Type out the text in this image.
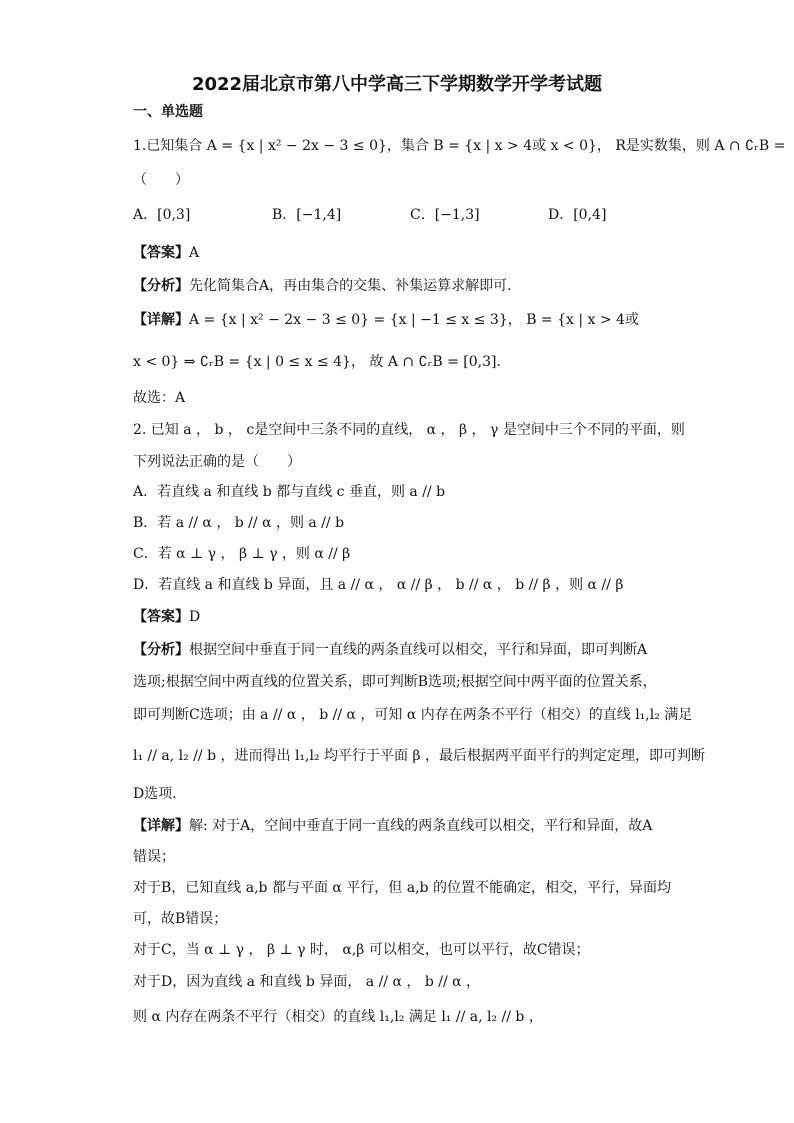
2022届北京市第八中学高三下学期数学开学考试题
一、单选题
1.已知集合 A = {x | x² − 2x − 3 ≤ 0}，集合 B = {x | x > 4或 x < 0}， R是实数集，则 A ∩ ∁ᵣB =
（　　）
A．[0,3]	B．[−1,4]	C．[−1,3]	D．[0,4]
【答案】A
【分析】先化简集合A，再由集合的交集、补集运算求解即可.
【详解】A = {x | x² − 2x − 3 ≤ 0} = {x | −1 ≤ x ≤ 3}， B = {x | x > 4或
x < 0} ⇒ ∁ᵣB = {x | 0 ≤ x ≤ 4}， 故 A ∩ ∁ᵣB = [0,3].
故选：A
2. 已知 a ， b ， c是空间中三条不同的直线， α ， β ， γ 是空间中三个不同的平面，则
下列说法正确的是（　　）
A．若直线 a 和直线 b 都与直线 c 垂直，则 a // b
B．若 a // α ， b // α ，则 a // b
C．若 α ⊥ γ ， β ⊥ γ ，则 α // β
D．若直线 a 和直线 b 异面，且 a // α ， α // β ， b // α ， b // β ，则 α // β
【答案】D
【分析】根据空间中垂直于同一直线的两条直线可以相交，平行和异面，即可判断A
选项;根据空间中两直线的位置关系，即可判断B选项;根据空间中两平面的位置关系，
即可判断C选项；由 a // α ， b // α ，可知 α 内存在两条不平行（相交）的直线 l₁,l₂ 满足
l₁ // a, l₂ // b ，进而得出 l₁,l₂ 均平行于平面 β ，最后根据两平面平行的判定定理，即可判断
D选项.
【详解】解: 对于A，空间中垂直于同一直线的两条直线可以相交，平行和异面，故A
错误；
对于B，已知直线 a,b 都与平面 α 平行，但 a,b 的位置不能确定，相交，平行，异面均
可，故B错误；
对于C，当 α ⊥ γ ， β ⊥ γ 时， α,β 可以相交，也可以平行，故C错误；
对于D，因为直线 a 和直线 b 异面， a // α ， b // α ，
则 α 内存在两条不平行（相交）的直线 l₁,l₂ 满足 l₁ // a, l₂ // b ，
